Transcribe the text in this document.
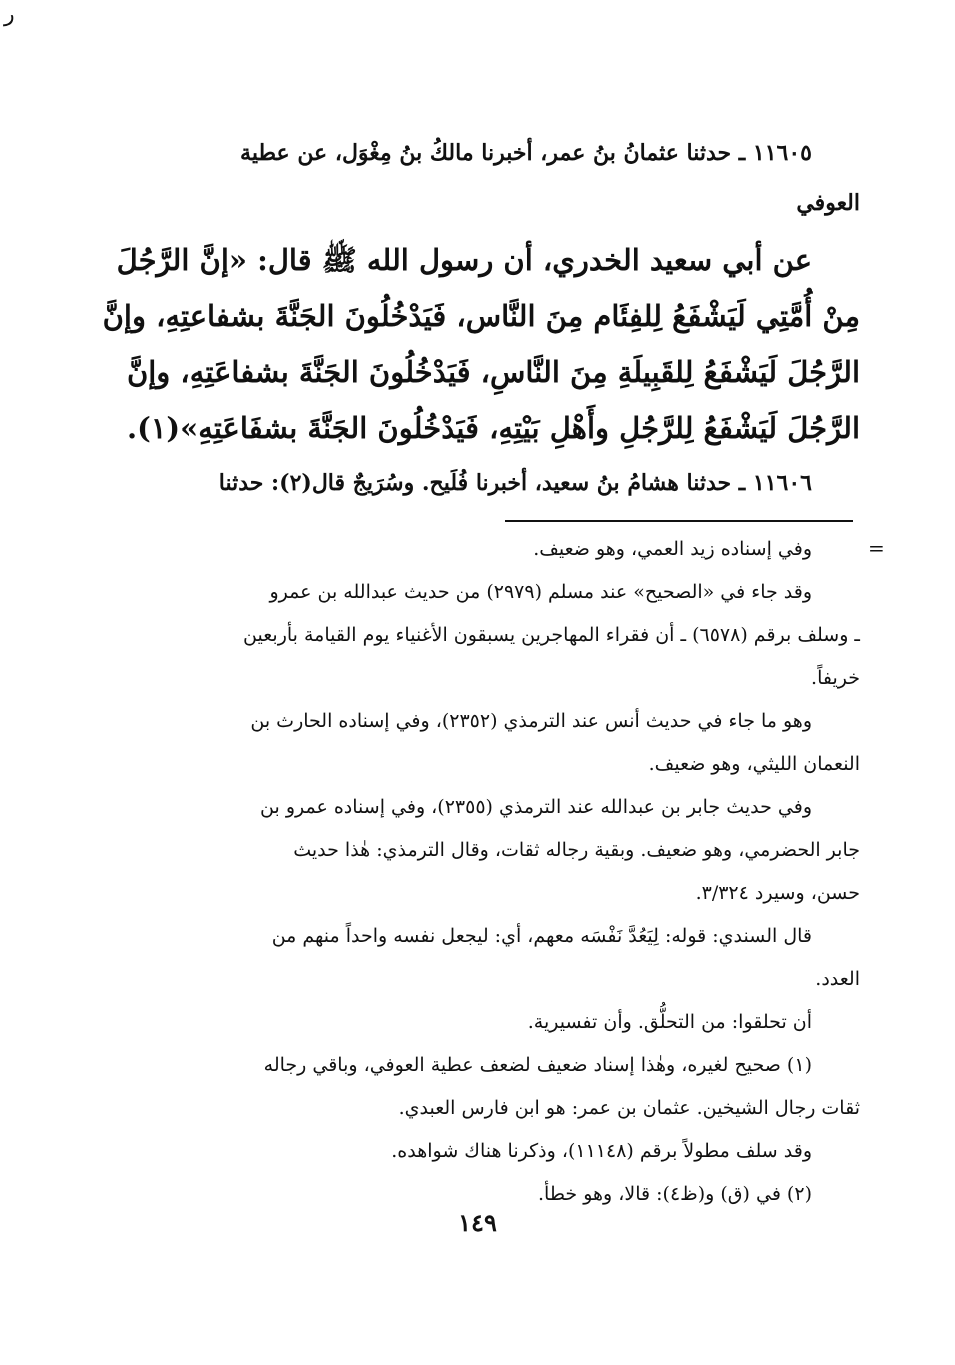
ر
١١٦٠٥ ـ حدثنا عثمانُ بنُ عمر، أخبرنا مالكُ بنُ مِغْوَل، عن عطية
العوفي
عن أبي سعيد الخدري، أن رسول الله ﷺ قال: «إنَّ الرَّجُلَ
مِنْ أُمَّتِي لَيَشْفَعُ لِلفِئَام مِنَ النَّاس، فَيَدْخُلُونَ الجَنَّةَ بشفاعتِهِ، وإنَّ
الرَّجُلَ لَيَشْفَعُ لِلقَبِيلَةِ مِنَ النَّاسِ، فَيَدْخُلُونَ الجَنَّةَ بشفاعَتِهِ، وإنَّ
الرَّجُلَ لَيَشْفَعُ لِلرَّجُلِ وأَهْلِ بَيْتِهِ، فَيَدْخُلُونَ الجَنَّةَ بشفَاعَتِهِ»(١).
١١٦٠٦ ـ حدثنا هشامُ بنُ سعيد، أخبرنا فُلَيح. وسُرَيجٌ قال(٢): حدثنا
=
وفي إسناده زيد العمي، وهو ضعيف.
وقد جاء في «الصحيح» عند مسلم (٢٩٧٩) من حديث عبدالله بن عمرو
ـ وسلف برقم (٦٥٧٨) ـ أن فقراء المهاجرين يسبقون الأغنياء يوم القيامة بأربعين
خريفاً.
وهو ما جاء في حديث أنس عند الترمذي (٢٣٥٢)، وفي إسناده الحارث بن
النعمان الليثي، وهو ضعيف.
وفي حديث جابر بن عبدالله عند الترمذي (٢٣٥٥)، وفي إسناده عمرو بن
جابر الحضرمي، وهو ضعيف. وبقية رجاله ثقات، وقال الترمذي: هٰذا حديث
حسن، وسيرد ٣/٣٢٤.
قال السندي: قوله: لِيَعُدَّ نَفْسَه معهم، أي: ليجعل نفسه واحداً منهم من
العدد.
أن تحلقوا: من التحلُّق. وأن تفسيرية.
(١) صحيح لغيره، وهٰذا إسناد ضعيف لضعف عطية العوفي، وباقي رجاله
ثقات رجال الشيخين. عثمان بن عمر: هو ابن فارس العبدي.
وقد سلف مطولاً برقم (١١١٤٨)، وذكرنا هناك شواهده.
(٢) في (ق) و(ظ٤): قالا، وهو خطأ.
١٤٩
